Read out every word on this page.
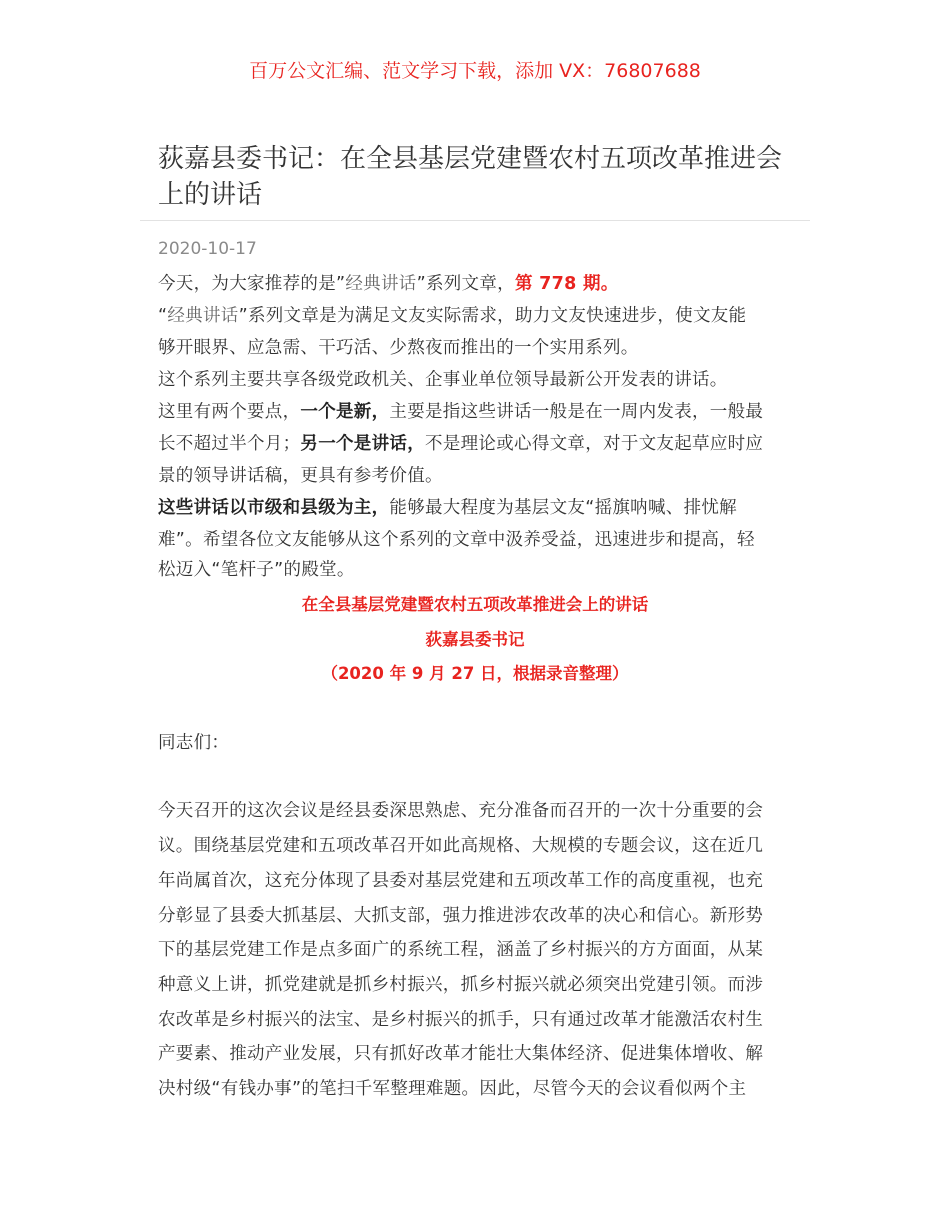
百万公文汇编、范文学习下载，添加 VX：76807688
荻嘉县委书记：在全县基层党建暨农村五项改革推进会
上的讲话
2020-10-17
今天，为大家推荐的是”经典讲话”系列文章，第 778 期。
“经典讲话”系列文章是为满足文友实际需求，助力文友快速进步，使文友能
够开眼界、应急需、干巧活、少熬夜而推出的一个实用系列。
这个系列主要共享各级党政机关、企事业单位领导最新公开发表的讲话。
这里有两个要点，一个是新，主要是指这些讲话一般是在一周内发表，一般最
长不超过半个月；另一个是讲话，不是理论或心得文章，对于文友起草应时应
景的领导讲话稿，更具有参考价值。
这些讲话以市级和县级为主，能够最大程度为基层文友“摇旗呐喊、排忧解
难”。希望各位文友能够从这个系列的文章中汲养受益，迅速进步和提高，轻
松迈入“笔杆子”的殿堂。
在全县基层党建暨农村五项改革推进会上的讲话
荻嘉县委书记
（2020 年 9 月 27 日，根据录音整理）
同志们：
今天召开的这次会议是经县委深思熟虑、充分准备而召开的一次十分重要的会
议。围绕基层党建和五项改革召开如此高规格、大规模的专题会议，这在近几
年尚属首次，这充分体现了县委对基层党建和五项改革工作的高度重视，也充
分彰显了县委大抓基层、大抓支部，强力推进涉农改革的决心和信心。新形势
下的基层党建工作是点多面广的系统工程，涵盖了乡村振兴的方方面面，从某
种意义上讲，抓党建就是抓乡村振兴，抓乡村振兴就必须突出党建引领。而涉
农改革是乡村振兴的法宝、是乡村振兴的抓手，只有通过改革才能激活农村生
产要素、推动产业发展，只有抓好改革才能壮大集体经济、促进集体增收、解
决村级“有钱办事”的笔扫千军整理难题。因此，尽管今天的会议看似两个主
